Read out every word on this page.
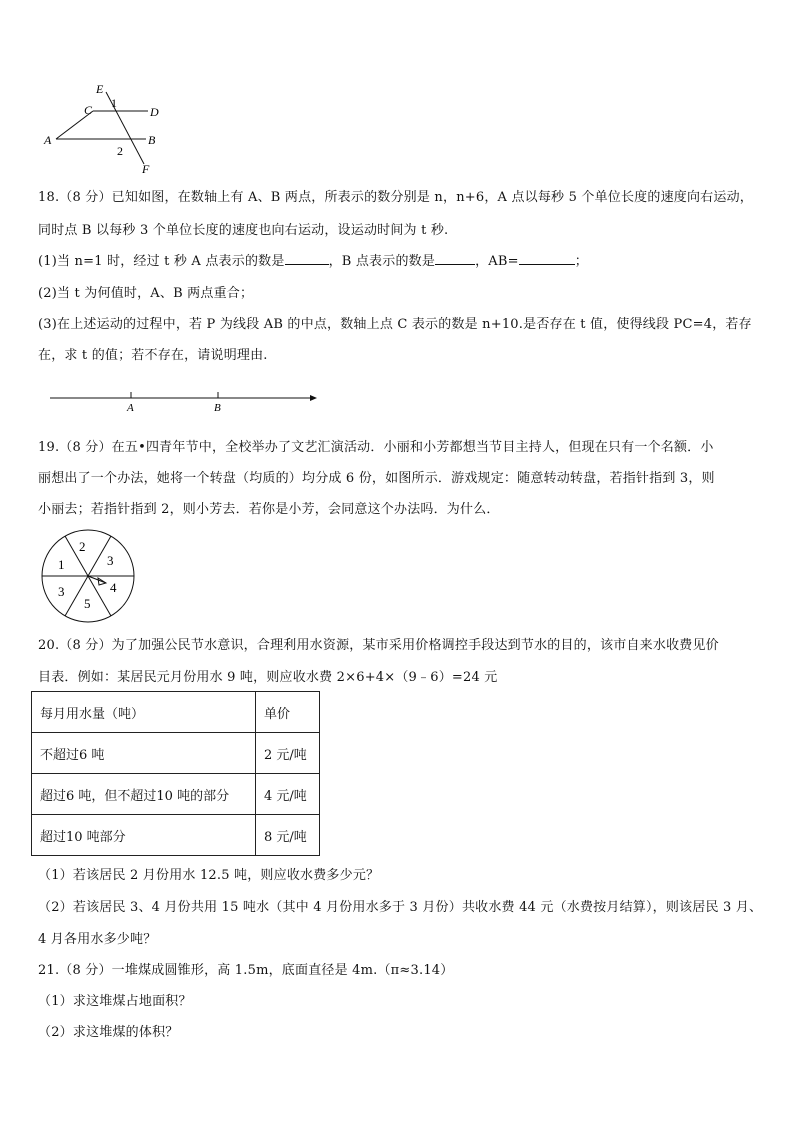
E
C 1
D
A	B
2
F
18.（8 分）已知如图，在数轴上有 A、B 两点，所表示的数分别是 n，n+6，A 点以每秒 5 个单位长度的速度向右运动，
同时点 B 以每秒 3 个单位长度的速度也向右运动，设运动时间为 t 秒.
(1)当 n=1 时，经过 t 秒 A 点表示的数是	，B 点表示的数是	，AB=	；
(2)当 t 为何值时，A、B 两点重合；
(3)在上述运动的过程中，若 P 为线段 AB 的中点，数轴上点 C 表示的数是 n+10.是否存在 t 值，使得线段 PC=4，若存
在，求 t 的值；若不存在，请说明理由.
A	B
19.（8 分）在五•四青年节中，全校举办了文艺汇演活动．小丽和小芳都想当节目主持人，但现在只有一个名额．小
丽想出了一个办法，她将一个转盘（均质的）均分成 6 份，如图所示．游戏规定：随意转动转盘，若指针指到 3，则
小丽去；若指针指到 2，则小芳去．若你是小芳，会同意这个办法吗．为什么．
2
3
1
3	4
5
20.（8 分）为了加强公民节水意识，合理利用水资源，某市采用价格调控手段达到节水的目的，该市自来水收费见价
目表．例如：某居民元月份用水 9 吨，则应收水费 2×6+4×（9﹣6）=24 元
每月用水量（吨）	单价
不超过6 吨	2 元/吨
超过6 吨，但不超过10 吨的部分	4 元/吨
超过10 吨部分	8 元/吨
（1）若该居民 2 月份用水 12.5 吨，则应收水费多少元？
（2）若该居民 3、4 月份共用 15 吨水（其中 4 月份用水多于 3 月份）共收水费 44 元（水费按月结算），则该居民 3 月、
4 月各用水多少吨？
21.（8 分）一堆煤成圆锥形，高 1.5m，底面直径是 4m.（π≈3.14）
（1）求这堆煤占地面积？
（2）求这堆煤的体积？
